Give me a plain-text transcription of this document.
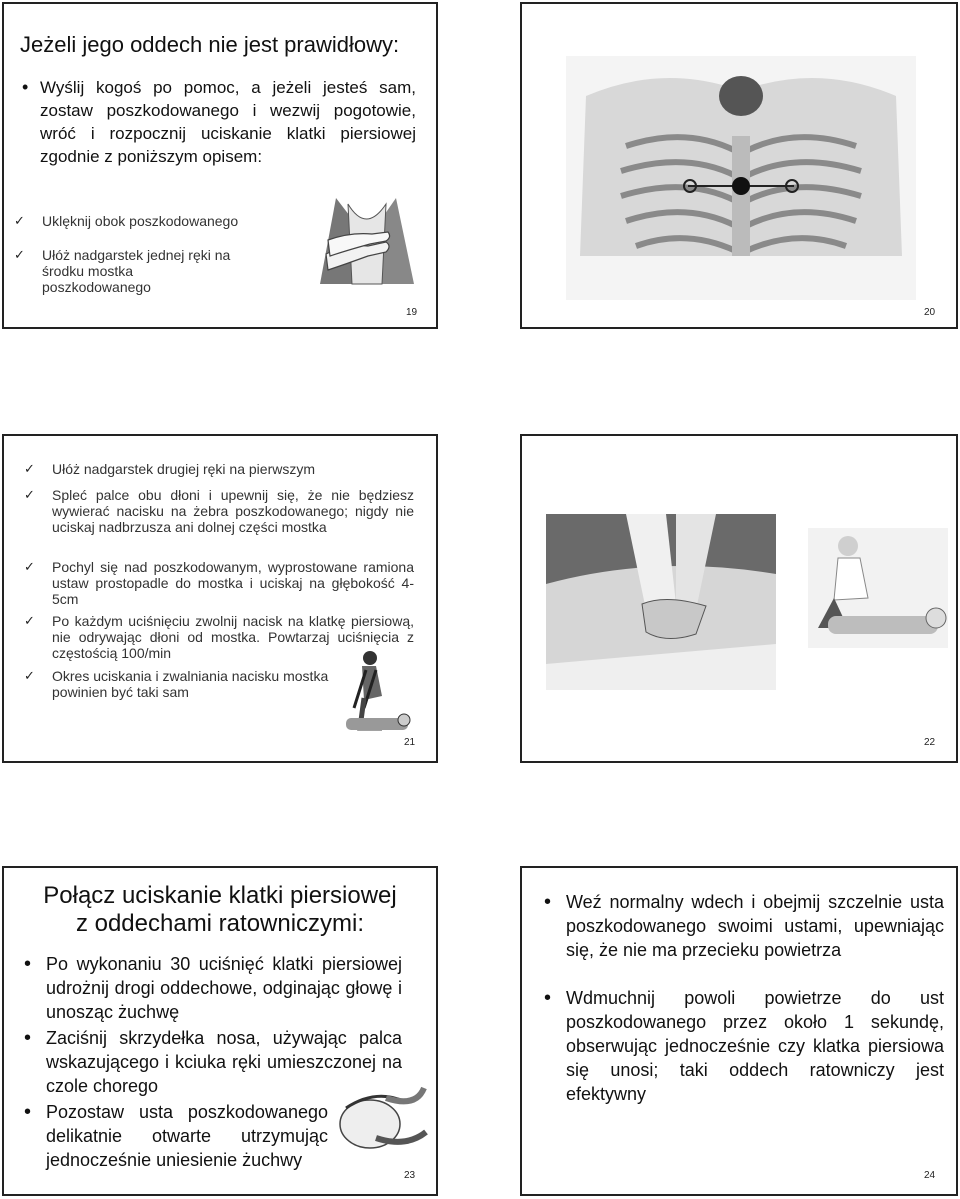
Jeżeli jego oddech nie jest prawidłowy:
• Wyślij kogoś po pomoc, a jeżeli jesteś sam, zostaw poszkodowanego i wezwij pogotowie, wróć i rozpocznij uciskanie klatki piersiowej zgodnie z poniższym opisem:
✓ Uklęknij obok poszkodowanego
✓ Ułóż nadgarstek jednej ręki na środku mostka poszkodowanego
19	20
✓ Ułóż nadgarstek drugiej ręki na pierwszym
✓ Spleć palce obu dłoni i upewnij się, że nie będziesz wywierać nacisku na żebra poszkodowanego; nigdy nie uciskaj nadbrzusza ani dolnej części mostka
✓ Pochyl się nad poszkodowanym, wyprostowane ramiona ustaw prostopadle do mostka i uciskaj na głębokość 4-5cm
✓ Po każdym uciśnięciu zwolnij nacisk na klatkę piersiową, nie odrywając dłoni od mostka. Powtarzaj uciśnięcia z częstością 100/min
✓ Okres uciskania i zwalniania nacisku mostka powinien być taki sam
21	22
Połącz uciskanie klatki piersiowej
z oddechami ratowniczymi:
• Po wykonaniu 30 uciśnięć klatki piersiowej udrożnij drogi oddechowe, odginając głowę i unosząc żuchwę
• Zaciśnij skrzydełka nosa, używając palca wskazującego i kciuka ręki umieszczonej na czole chorego
• Pozostaw usta poszkodowanego delikatnie otwarte utrzymując jednocześnie uniesienie żuchwy
23
• Weź normalny wdech i obejmij szczelnie usta poszkodowanego swoimi ustami, upewniając się, że nie ma przecieku powietrza
• Wdmuchnij powoli powietrze do ust poszkodowanego przez około 1 sekundę, obserwując jednocześnie czy klatka piersiowa się unosi; taki oddech ratowniczy jest efektywny
24
